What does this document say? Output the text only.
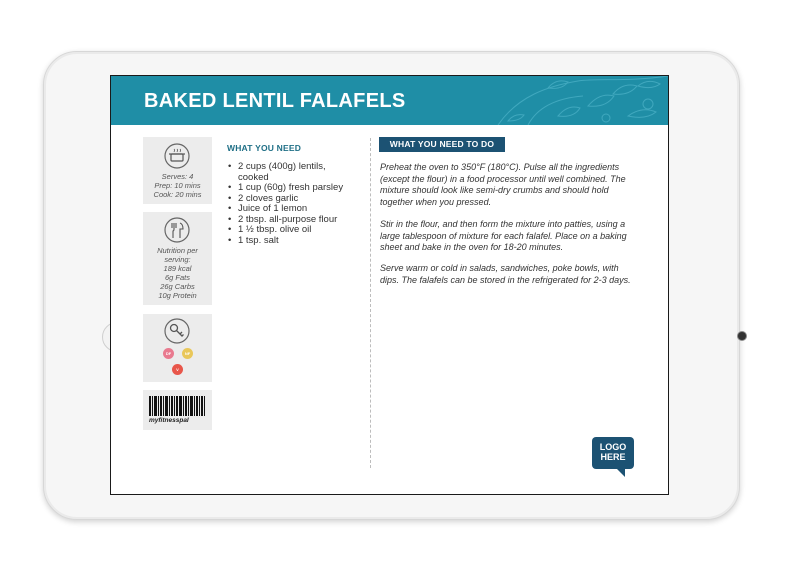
BAKED LENTIL FALAFELS
Serves: 4
Prep: 10 mins
Cook: 20 mins
Nutrition per serving:
189 kcal
6g Fats
26g Carbs
10g Protein
DF	NF
V
myfitnesspal
WHAT YOU NEED
• 2 cups (400g) lentils, cooked
• 1 cup (60g) fresh parsley
• 2 cloves garlic
• Juice of 1 lemon
• 2 tbsp. all-purpose flour
• 1 ½ tbsp. olive oil
• 1 tsp. salt
WHAT YOU NEED TO DO

Preheat the oven to 350°F (180°C). Pulse all the ingredients (except the flour) in a food processor until well combined. The mixture should look like semi-dry crumbs and should hold together when you pressed.

Stir in the flour, and then form the mixture into patties, using a large tablespoon of mixture for each falafel. Place on a baking sheet and bake in the oven for 18-20 minutes.

Serve warm or cold in salads, sandwiches, poke bowls, with dips. The falafels can be stored in the refrigerated for 2-3 days.

LOGO
HERE
